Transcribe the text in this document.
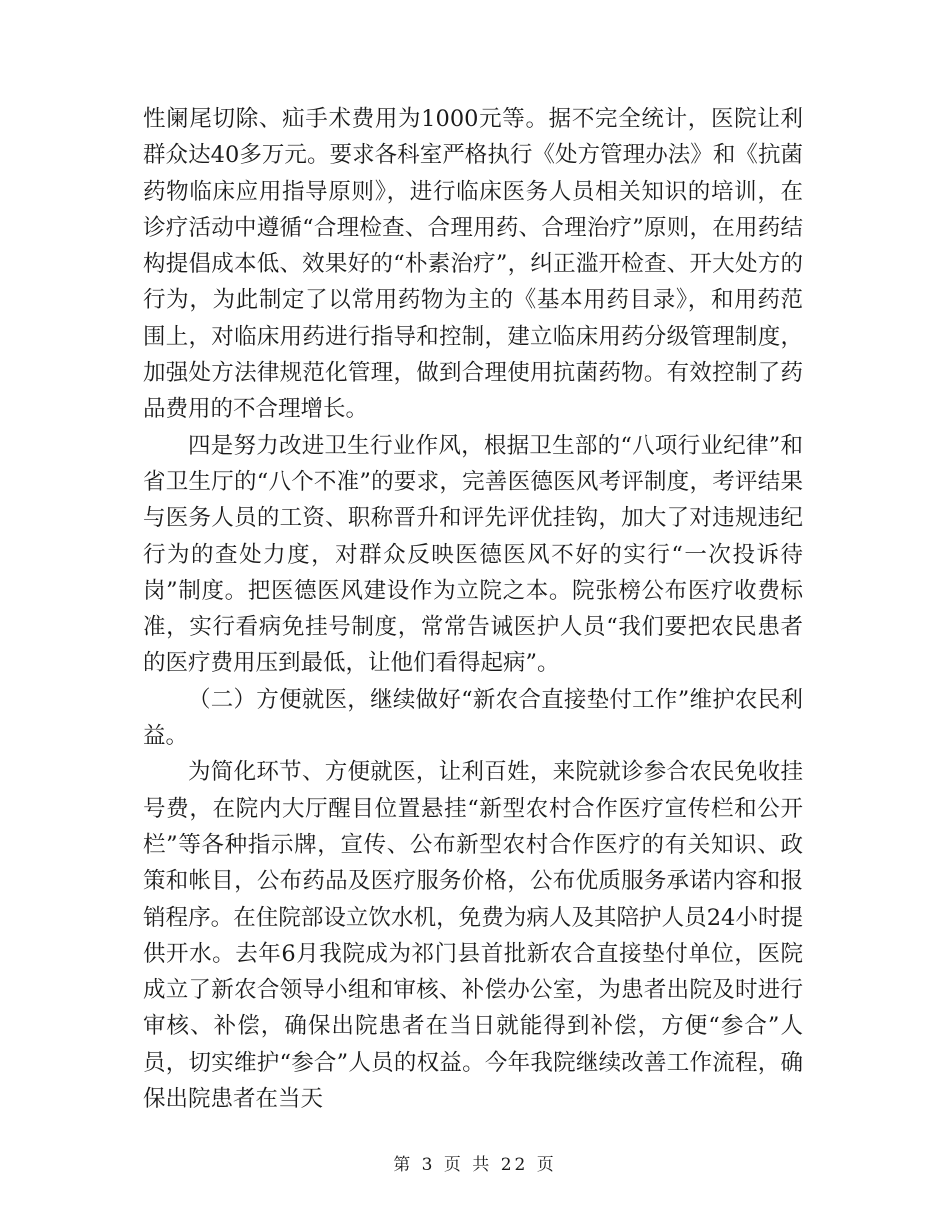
性阑尾切除、疝手术费用为1000元等。据不完全统计，医院让利群众达40多万元。要求各科室严格执行《处方管理办法》和《抗菌药物临床应用指导原则》，进行临床医务人员相关知识的培训，在诊疗活动中遵循“合理检查、合理用药、合理治疗”原则，在用药结构提倡成本低、效果好的“朴素治疗”，纠正滥开检查、开大处方的行为，为此制定了以常用药物为主的《基本用药目录》，和用药范围上，对临床用药进行指导和控制，建立临床用药分级管理制度，加强处方法律规范化管理，做到合理使用抗菌药物。有效控制了药品费用的不合理增长。

四是努力改进卫生行业作风，根据卫生部的“八项行业纪律”和省卫生厅的“八个不准”的要求，完善医德医风考评制度，考评结果与医务人员的工资、职称晋升和评先评优挂钩，加大了对违规违纪行为的查处力度，对群众反映医德医风不好的实行“一次投诉待岗”制度。把医德医风建设作为立院之本。院张榜公布医疗收费标准，实行看病免挂号制度，常常告诫医护人员“我们要把农民患者的医疗费用压到最低，让他们看得起病”。

（二）方便就医，继续做好“新农合直接垫付工作”维护农民利益。

为简化环节、方便就医，让利百姓，来院就诊参合农民免收挂号费，在院内大厅醒目位置悬挂“新型农村合作医疗宣传栏和公开栏”等各种指示牌，宣传、公布新型农村合作医疗的有关知识、政策和帐目，公布药品及医疗服务价格，公布优质服务承诺内容和报销程序。在住院部设立饮水机，免费为病人及其陪护人员24小时提供开水。去年6月我院成为祁门县首批新农合直接垫付单位，医院成立了新农合领导小组和审核、补偿办公室，为患者出院及时进行审核、补偿，确保出院患者在当日就能得到补偿，方便“参合”人员，切实维护“参合”人员的权益。今年我院继续改善工作流程，确保出院患者在当天

第 3 页 共 22 页
